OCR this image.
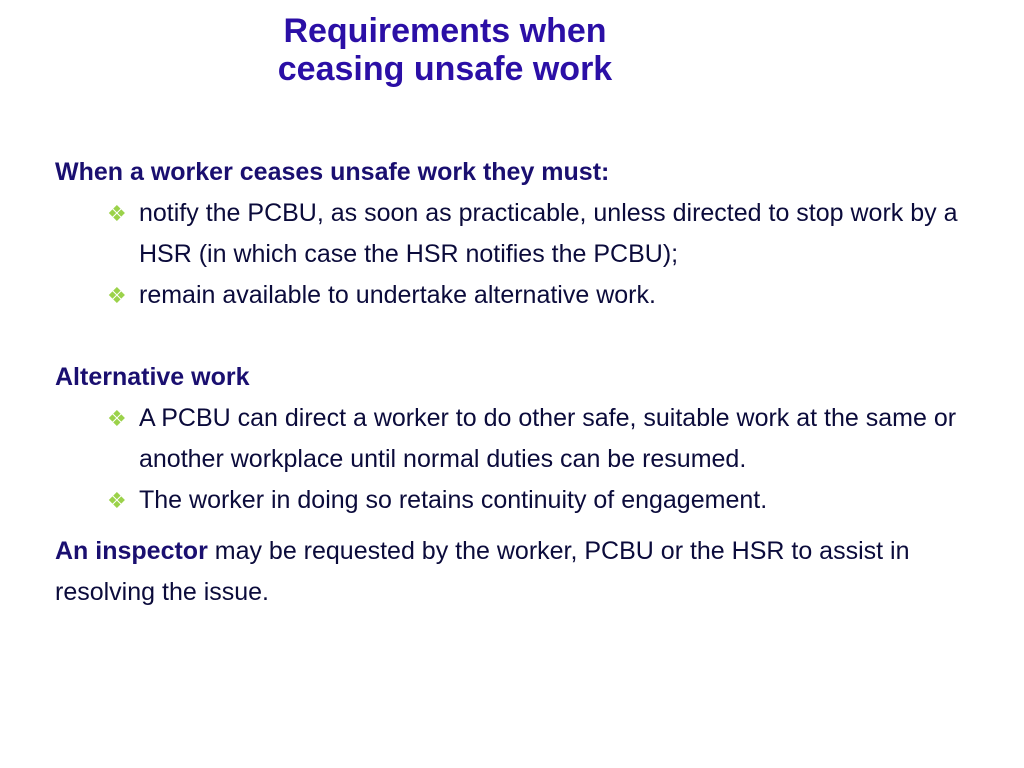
Requirements when
ceasing unsafe work
When a worker ceases unsafe work they must:
❖ notify the PCBU, as soon as practicable, unless directed to stop work by a HSR (in which case the HSR notifies the PCBU);
❖ remain available to undertake alternative work.
Alternative work
❖ A PCBU can direct a worker to do other safe, suitable work at the same or another workplace until normal duties can be resumed.
❖ The worker in doing so retains continuity of engagement.
An inspector may be requested by the worker, PCBU or the HSR to assist in resolving the issue.
